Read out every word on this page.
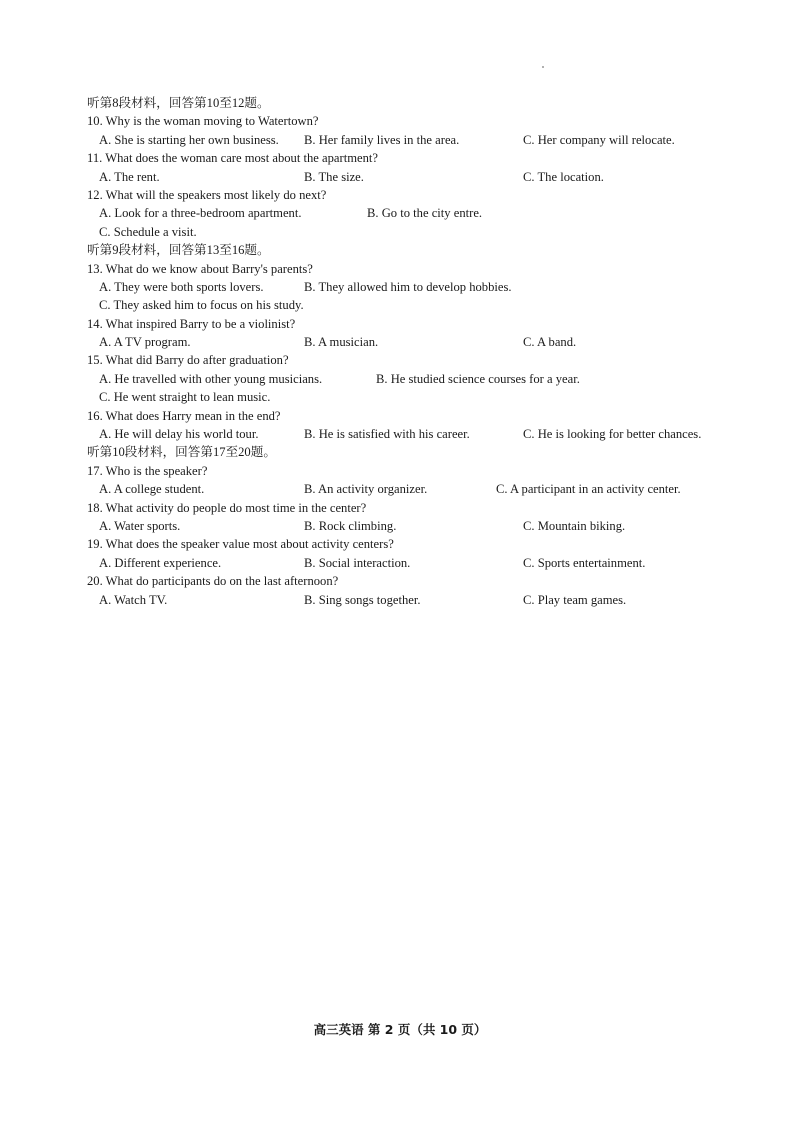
听第8段材料，回答第10至12题。
10. Why is the woman moving to Watertown?
A. She is starting her own business. B. Her family lives in the area.	C. Her company will relocate.
11. What does the woman care most about the apartment?
A. The rent.	B. The size.	C. The location.
12. What will the speakers most likely do next?
A. Look for a three-bedroom apartment.	B. Go to the city entre.
C. Schedule a visit.
听第9段材料，回答第13至16题。
13. What do we know about Barry's parents?
A. They were both sports lovers.	B. They allowed him to develop hobbies.
C. They asked him to focus on his study.
14. What inspired Barry to be a violinist?
A. A TV program.	B. A musician.	C. A band.
15. What did Barry do after graduation?
A. He travelled with other young musicians.	B. He studied science courses for a year.
C. He went straight to lean music.
16. What does Harry mean in the end?
A. He will delay his world tour.	B. He is satisfied with his career.	C. He is looking for better chances.
听第10段材料，回答第17至20题。
17. Who is the speaker?
A. A college student.	B. An activity organizer.	C. A participant in an activity center.
18. What activity do people do most time in the center?
A. Water sports.	B. Rock climbing.	C. Mountain biking.
19. What does the speaker value most about activity centers?
A. Different experience.	B. Social interaction.	C. Sports entertainment.
20. What do participants do on the last afternoon?
A. Watch TV.	B. Sing songs together.	C. Play team games.
高三英语 第 2 页（共 10 页）
